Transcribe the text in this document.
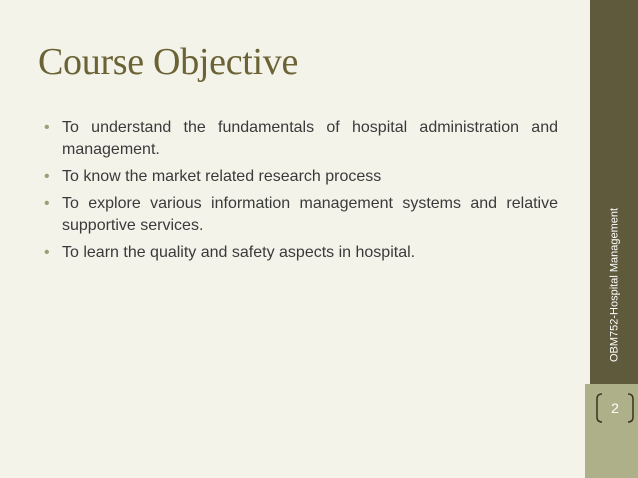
Course Objective
• To understand the fundamentals of hospital administration and management.
• To know the market related research process
• To explore various information management systems and relative supportive services.
• To learn the quality and safety aspects in hospital.	OBM752-Hospital Management
2
